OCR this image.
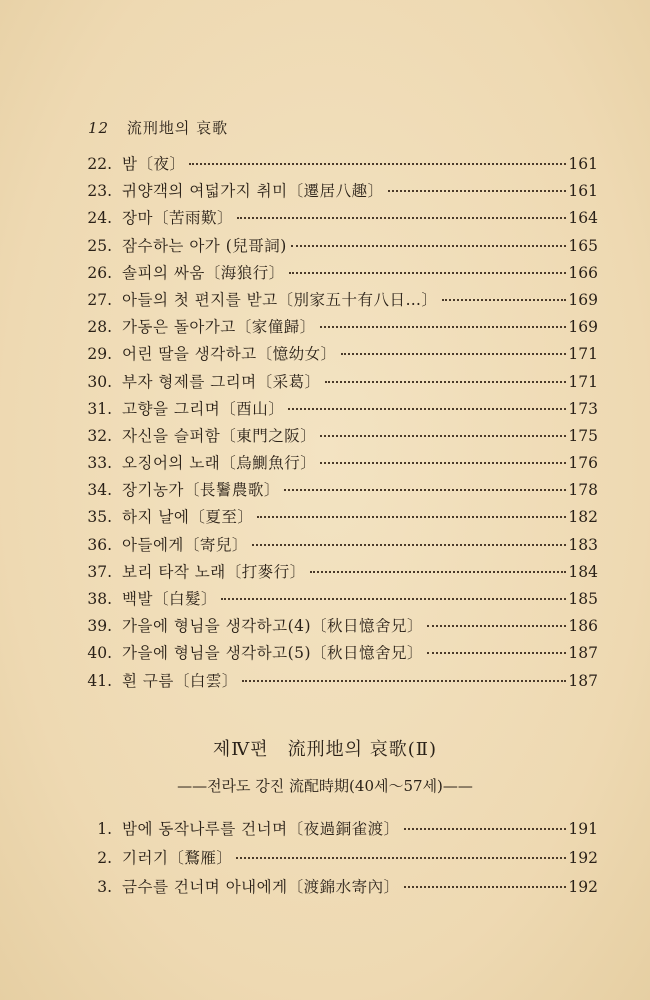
12 流刑地의 哀歌
22. 밤〔夜〕	161
23. 귀양객의 여덟가지 취미〔遷居八趣〕	161
24. 장마〔苦雨歎〕	164
25. 잠수하는 아가 (兒哥詞)	165
26. 솔피의 싸움〔海狼行〕	166
27. 아들의 첫 편지를 받고〔別家五十有八日…〕	169
28. 가동은 돌아가고〔家僮歸〕	169
29. 어린 딸을 생각하고〔憶幼女〕	171
30. 부자 형제를 그리며〔采葛〕	171
31. 고향을 그리며〔酉山〕	173
32. 자신을 슬퍼함〔東門之阪〕	175
33. 오징어의 노래〔烏鰂魚行〕	176
34. 장기농가〔長鬐農歌〕	178
35. 하지 날에〔夏至〕	182
36. 아들에게〔寄兒〕	183
37. 보리 타작 노래〔打麥行〕	184
38. 백발〔白髮〕	185
39. 가을에 형님을 생각하고(4)〔秋日憶舍兄〕	186
40. 가을에 형님을 생각하고(5)〔秋日憶舍兄〕	187
41. 흰 구름〔白雲〕	187
제Ⅳ편　流刑地의 哀歌(Ⅱ)
——전라도 강진 流配時期(40세～57세)——
1. 밤에 동작나루를 건너며〔夜過銅雀渡〕	191
2. 기러기〔鶩雁〕	192
3. 금수를 건너며 아내에게〔渡錦水寄內〕	192
